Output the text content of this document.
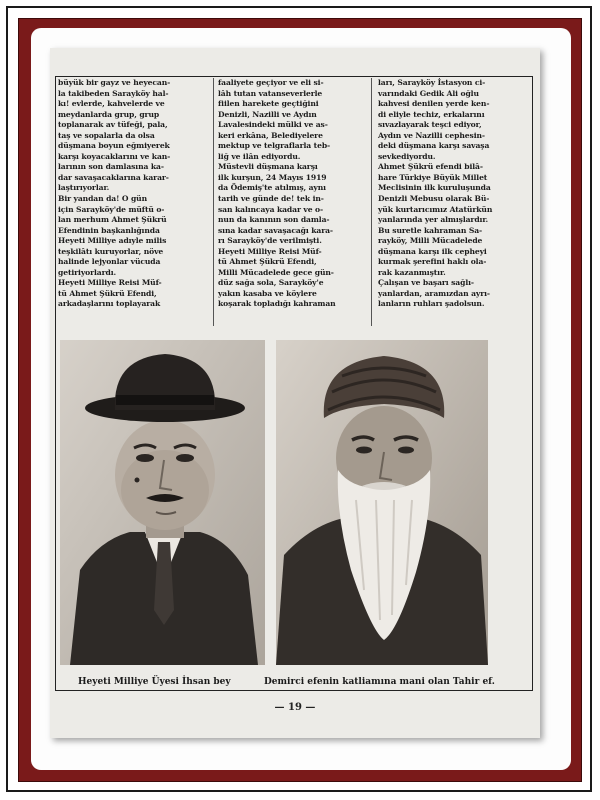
büyük bir gayz ve heyecan-
la takibeden Sarayköy hal-
kı! evlerde, kahvelerde ve
meydanlarda grup, grup
toplanarak av tüfeği, pala,
taş ve sopalarla da olsa
düşmana boyun eğmiyerek
karşı koyacaklarını ve kan-
larının son damlasına ka-
dar savaşacaklarına karar-
laştırıyorlar.
Bir yandan da! O gün
için Sarayköy'de müftü o-
lan merhum Ahmet Şükrü
Efendinin başkanlığında
Heyeti Milliye adıyle milis
teşkilâtı kuruyorlar, növe
halinde lejyonlar vücuda
getiriyorlardı.
Heyeti Milliye Reisi Müf-
tü Ahmet Şükrü Efendi,
arkadaşlarını toplayarak

faaliyete geçiyor ve eli si-
lâh tutan vatanseverlerle
fiilen harekete geçtiğini
Denizli, Nazilli ve Aydın
Lavalesindeki mülki ve as-
keri erkâna, Belediyelere
mektup ve telgraflarla teb-
liğ ve ilân ediyordu.
Müstevli düşmana karşı
ilk kurşun, 24 Mayıs 1919
da Ödemiş'te atılmış, aynı
tarih ve günde de! tek in-
san kalıncaya kadar ve o-
nun da kanının son damla-
sına kadar savaşacağı kara-
rı Sarayköy'de verilmişti.
Heyeti Milliye Reisi Müf-
tü Ahmet Şükrü Efendi,
Milli Mücadelede gece gün-
düz sağa sola, Sarayköy'e
yakın kasaba ve köylere
koşarak topladığı kahraman

ları, Sarayköy İstasyon ci-
varındaki Gedik Ali oğlu
kahvesi denilen yerde ken-
di eliyle techiz, erkalarını
sıvazlayarak teşci ediyor,
Aydın ve Nazilli cephesin-
deki düşmana karşı savaşa
sevkediyordu.
Ahmet Şükrü efendi bilâ-
hare Türkiye Büyük Millet
Meclisinin ilk kuruluşunda
Denizli Mebusu olarak Bü-
yük kurtarıcımız Atatürkün
yanlarında yer almışlardır.
Bu suretle kahraman Sa-
rayköy, Milli Mücadelede
düşmana karşı ilk cepheyi
kurmak şerefini haklı ola-
rak kazanmıştır.
Çalışan ve başarı sağlı-
yanlardan, aramızdan ayrı-
lanların ruhları şadolsun.

Heyeti Milliye Üyesi İhsan bey	Demirci efenin katliamına mani olan Tahir ef.
— 19 —
